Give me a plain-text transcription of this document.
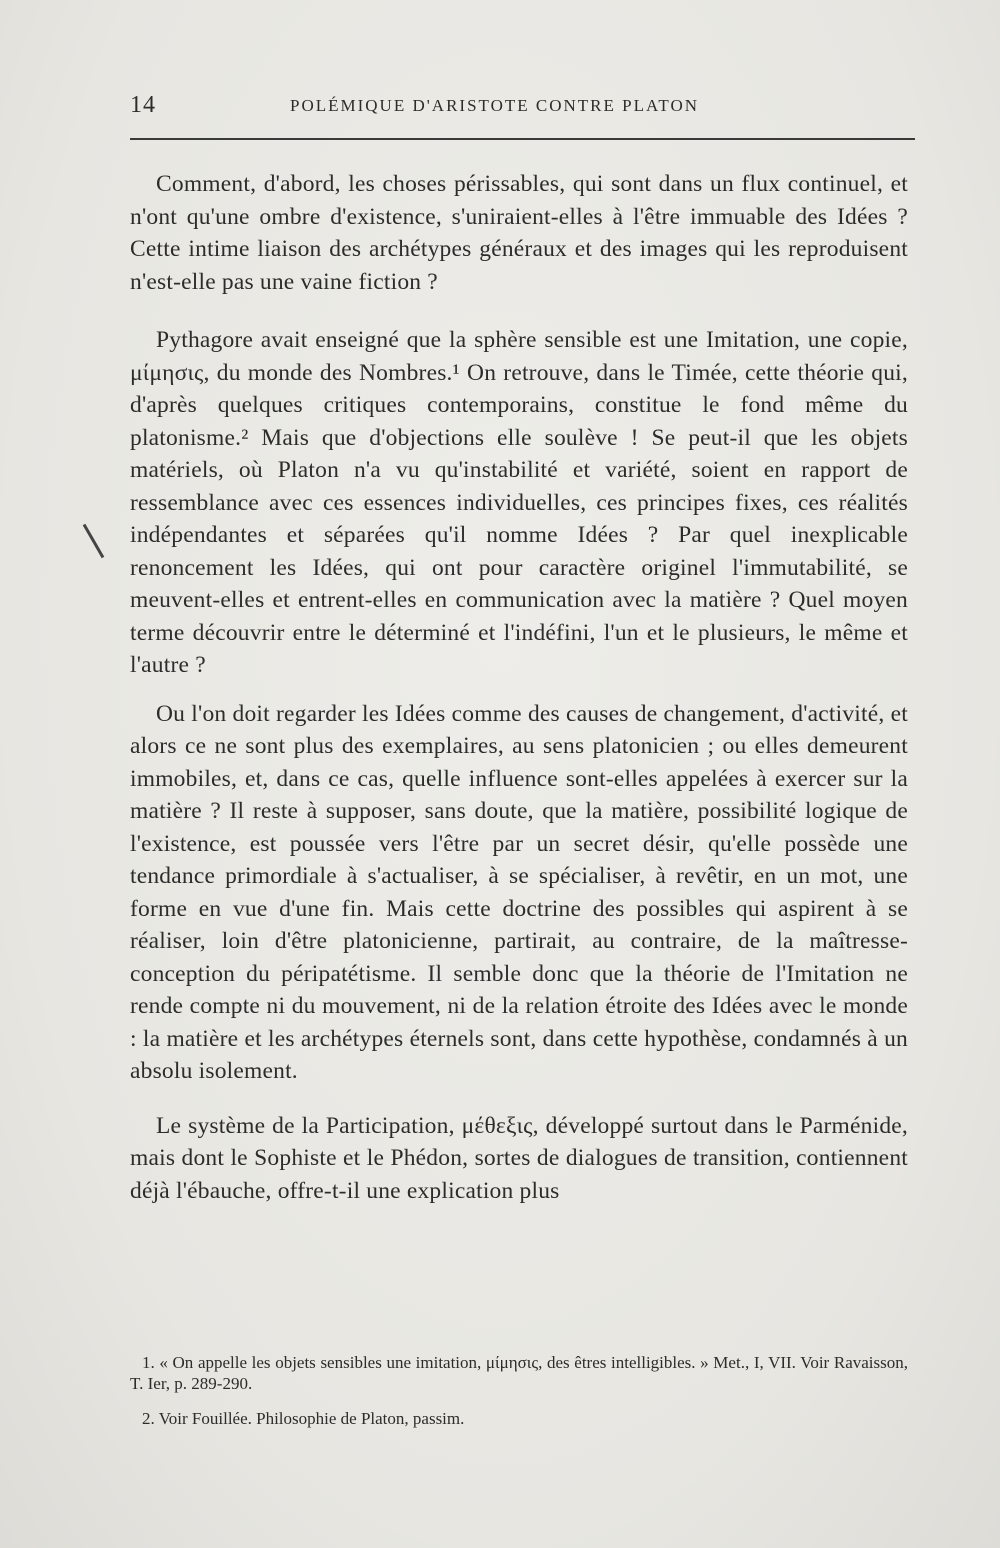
14	POLÉMIQUE D'ARISTOTE CONTRE PLATON

Comment, d'abord, les choses périssables, qui sont dans un flux continuel, et n'ont qu'une ombre d'existence, s'uniraient-elles à l'être immuable des Idées ? Cette intime liaison des archétypes généraux et des images qui les reproduisent n'est-elle pas une vaine fiction ?

Pythagore avait enseigné que la sphère sensible est une Imitation, une copie, μίμησις, du monde des Nombres.¹ On retrouve, dans le Timée, cette théorie qui, d'après quelques critiques contemporains, constitue le fond même du platonisme.² Mais que d'objections elle soulève ! Se peut-il que les objets matériels, où Platon n'a vu qu'instabilité et variété, soient en rapport de ressemblance avec ces essences individuelles, ces principes fixes, ces réalités indépendantes et séparées qu'il nomme Idées ? Par quel inexplicable renoncement les Idées, qui ont pour caractère originel l'immutabilité, se meuvent-elles et entrent-elles en communication avec la matière ? Quel moyen terme découvrir entre le déterminé et l'indéfini, l'un et le plusieurs, le même et l'autre ?

Ou l'on doit regarder les Idées comme des causes de changement, d'activité, et alors ce ne sont plus des exemplaires, au sens platonicien ; ou elles demeurent immobiles, et, dans ce cas, quelle influence sont-elles appelées à exercer sur la matière ? Il reste à supposer, sans doute, que la matière, possibilité logique de l'existence, est poussée vers l'être par un secret désir, qu'elle possède une tendance primordiale à s'actualiser, à se spécialiser, à revêtir, en un mot, une forme en vue d'une fin. Mais cette doctrine des possibles qui aspirent à se réaliser, loin d'être platonicienne, partirait, au contraire, de la maîtresse-conception du péripatétisme. Il semble donc que la théorie de l'Imitation ne rende compte ni du mouvement, ni de la relation étroite des Idées avec le monde : la matière et les archétypes éternels sont, dans cette hypothèse, condamnés à un absolu isolement.

Le système de la Participation, μέθεξις, développé surtout dans le Parménide, mais dont le Sophiste et le Phédon, sortes de dialogues de transition, contiennent déjà l'ébauche, offre-t-il une explication plus

1. « On appelle les objets sensibles une imitation, μίμησις, des êtres intelligibles. » Met., I, VII. Voir Ravaisson, T. Ier, p. 289-290.

2. Voir Fouillée. Philosophie de Platon, passim.
